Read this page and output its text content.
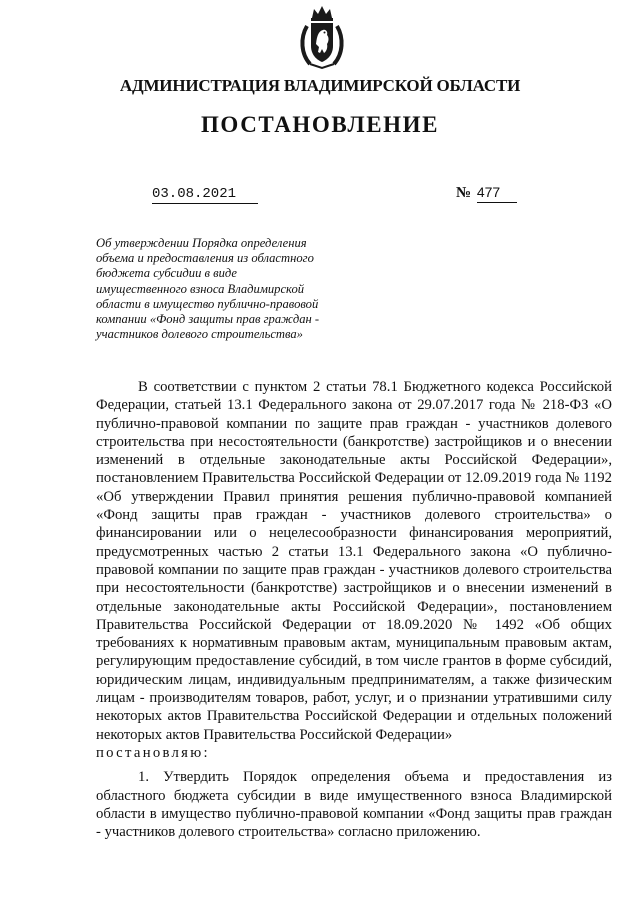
АДМИНИСТРАЦИЯ ВЛАДИМИРСКОЙ ОБЛАСТИ
ПОСТАНОВЛЕНИЕ
03.08.2021	№ 477
Об утверждении Порядка определения объема и предоставления из областного бюджета субсидии в виде имущественного взноса Владимирской области в имущество публично-правовой компании «Фонд защиты прав граждан - участников долевого строительства»

В соответствии с пунктом 2 статьи 78.1 Бюджетного кодекса Российской Федерации, статьей 13.1 Федерального закона от 29.07.2017 года № 218-ФЗ «О публично-правовой компании по защите прав граждан - участников долевого строительства при несостоятельности (банкротстве) застройщиков и о внесении изменений в отдельные законодательные акты Российской Федерации», постановлением Правительства Российской Федерации от 12.09.2019 года № 1192 «Об утверждении Правил принятия решения публично-правовой компанией «Фонд защиты прав граждан - участников долевого строительства» о финансировании или о нецелесообразности финансирования мероприятий, предусмотренных частью 2 статьи 13.1 Федерального закона «О публично-правовой компании по защите прав граждан - участников долевого строительства при несостоятельности (банкротстве) застройщиков и о внесении изменений в отдельные законодательные акты Российской Федерации», постановлением Правительства Российской Федерации от 18.09.2020 № 1492 «Об общих требованиях к нормативным правовым актам, муниципальным правовым актам, регулирующим предоставление субсидий, в том числе грантов в форме субсидий, юридическим лицам, индивидуальным предпринимателям, а также физическим лицам - производителям товаров, работ, услуг, и о признании утратившими силу некоторых актов Правительства Российской Федерации и отдельных положений некоторых актов Правительства Российской Федерации»

постановляю:

1. Утвердить Порядок определения объема и предоставления из областного бюджета субсидии в виде имущественного взноса Владимирской области в имущество публично-правовой компании «Фонд защиты прав граждан - участников долевого строительства» согласно приложению.
